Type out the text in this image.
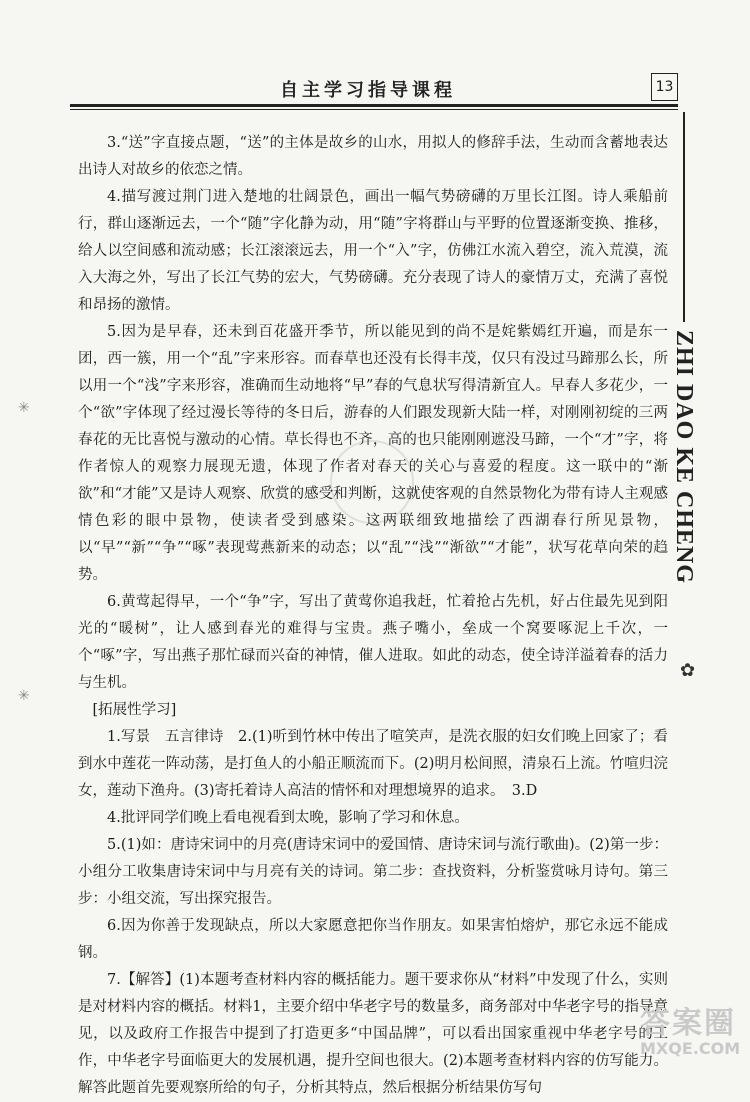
自主学习指导课程	13
ZHI DAO KE CHENG
✿
✳
✳

3.“送”字直接点题，“送”的主体是故乡的山水，用拟人的修辞手法，生动而含蓄地表达出诗人对故乡的依恋之情。

4.描写渡过荆门进入楚地的壮阔景色，画出一幅气势磅礴的万里长江图。诗人乘船前行，群山逐渐远去，一个“随”字化静为动，用“随”字将群山与平野的位置逐渐变换、推移，给人以空间感和流动感；长江滚滚远去，用一个“入”字，仿佛江水流入碧空，流入荒漠，流入大海之外，写出了长江气势的宏大，气势磅礴。充分表现了诗人的豪情万丈，充满了喜悦和昂扬的激情。

5.因为是早春，还未到百花盛开季节，所以能见到的尚不是姹紫嫣红开遍，而是东一团，西一簇，用一个“乱”字来形容。而春草也还没有长得丰茂，仅只有没过马蹄那么长，所以用一个“浅”字来形容，准确而生动地将“早”春的气息状写得清新宜人。早春人多花少，一个“欲”字体现了经过漫长等待的冬日后，游春的人们跟发现新大陆一样，对刚刚初绽的三两春花的无比喜悦与激动的心情。草长得也不齐，高的也只能刚刚遮没马蹄，一个“才”字，将作者惊人的观察力展现无遗，体现了作者对春天的关心与喜爱的程度。这一联中的“渐欲”和“才能”又是诗人观察、欣赏的感受和判断，这就使客观的自然景物化为带有诗人主观感情色彩的眼中景物，使读者受到感染。这两联细致地描绘了西湖春行所见景物，以“早”“新”“争”“啄”表现莺燕新来的动态；以“乱”“浅”“渐欲”“才能”，状写花草向荣的趋势。

6.黄莺起得早，一个“争”字，写出了黄莺你追我赶，忙着抢占先机，好占住最先见到阳光的“暖树”，让人感到春光的难得与宝贵。燕子嘴小，垒成一个窝要啄泥上千次，一个“啄”字，写出燕子那忙碌而兴奋的神情，催人进取。如此的动态，使全诗洋溢着春的活力与生机。

[拓展性学习]

1.写景　五言律诗　2.(1)听到竹林中传出了喧笑声，是洗衣服的妇女们晚上回家了；看到水中莲花一阵动荡，是打鱼人的小船正顺流而下。(2)明月松间照，清泉石上流。竹喧归浣女，莲动下渔舟。(3)寄托着诗人高洁的情怀和对理想境界的追求。　3.D

4.批评同学们晚上看电视看到太晚，影响了学习和休息。

5.(1)如：唐诗宋词中的月亮(唐诗宋词中的爱国情、唐诗宋词与流行歌曲)。(2)第一步：小组分工收集唐诗宋词中与月亮有关的诗词。第二步：查找资料，分析鉴赏咏月诗句。第三步：小组交流，写出探究报告。

6.因为你善于发现缺点，所以大家愿意把你当作朋友。如果害怕熔炉，那它永远不能成钢。

7.【解答】(1)本题考查材料内容的概括能力。题干要求你从“材料”中发现了什么，实则是对材料内容的概括。材料1，主要介绍中华老字号的数量多，商务部对中华老字号的指导意见，以及政府工作报告中提到了打造更多“中国品牌”，可以看出国家重视中华老字号的工作，中华老字号面临更大的发展机遇，提升空间也很大。(2)本题考查材料内容的仿写能力。解答此题首先要观察所给的句子，分析其特点，然后根据分析结果仿写句

答案圈
MXQE.COM
